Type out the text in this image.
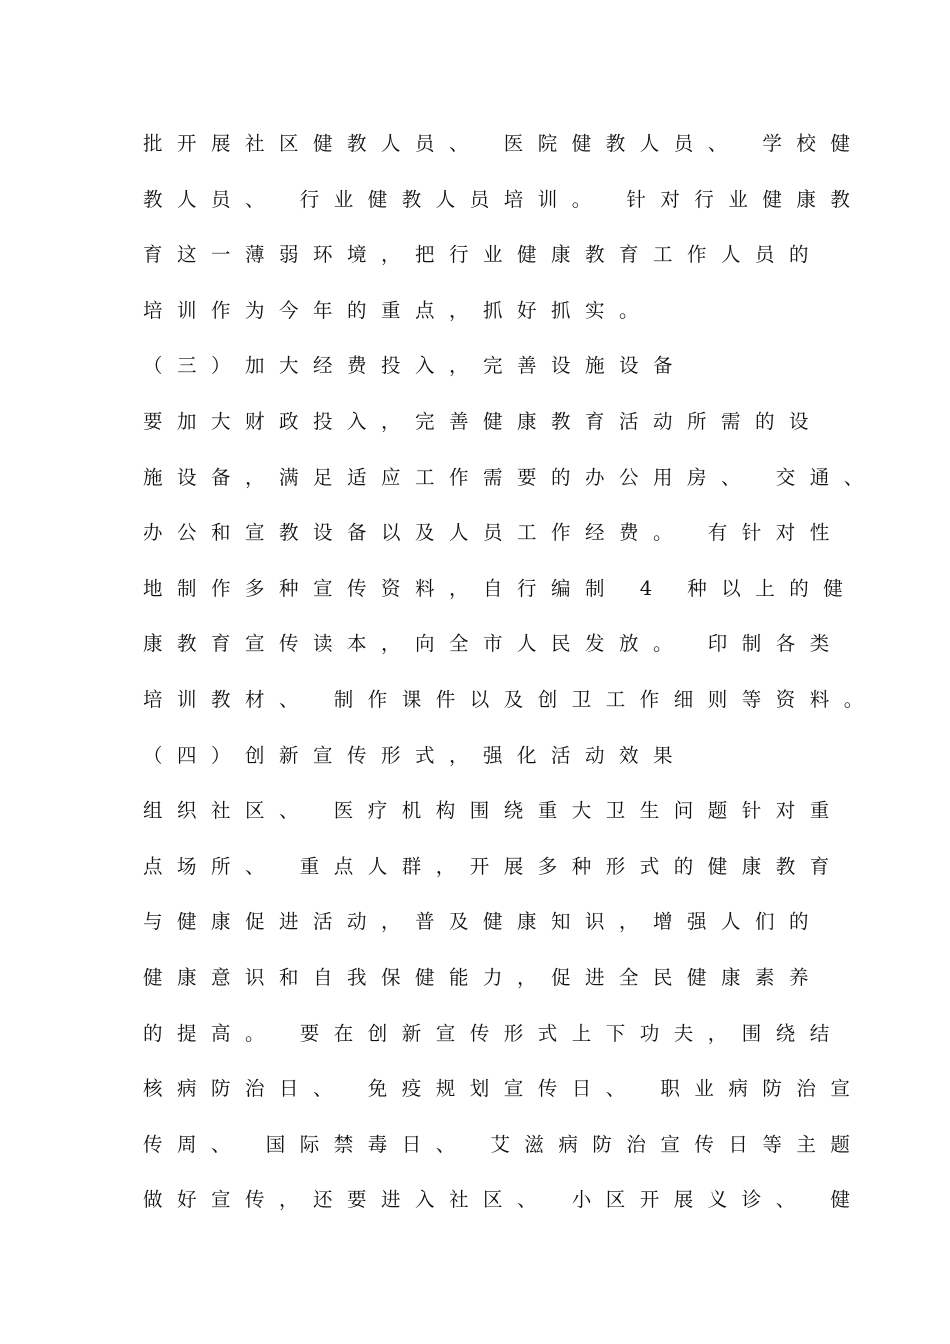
批开展社区健教人员、 医院健教人员、 学校健
教人员、 行业健教人员培训。 针对行业健康教
育这一薄弱环境，把行业健康教育工作人员的
培训作为今年的重点，抓好抓实。
（三）加大经费投入，完善设施设备
要加大财政投入，完善健康教育活动所需的设
施设备，满足适应工作需要的办公用房、 交通、
办公和宣教设备以及人员工作经费。 有针对性
地制作多种宣传资料，自行编制 4 种以上的健
康教育宣传读本，向全市人民发放。 印制各类
培训教材、 制作课件以及创卫工作细则等资料。
（四）创新宣传形式，强化活动效果
组织社区、 医疗机构围绕重大卫生问题针对重
点场所、 重点人群，开展多种形式的健康教育
与健康促进活动，普及健康知识，增强人们的
健康意识和自我保健能力，促进全民健康素养
的提高。 要在创新宣传形式上下功夫，围绕结
核病防治日、 免疫规划宣传日、 职业病防治宣
传周、 国际禁毒日、 艾滋病防治宣传日等主题
做好宣传，还要进入社区、 小区开展义诊、 健
